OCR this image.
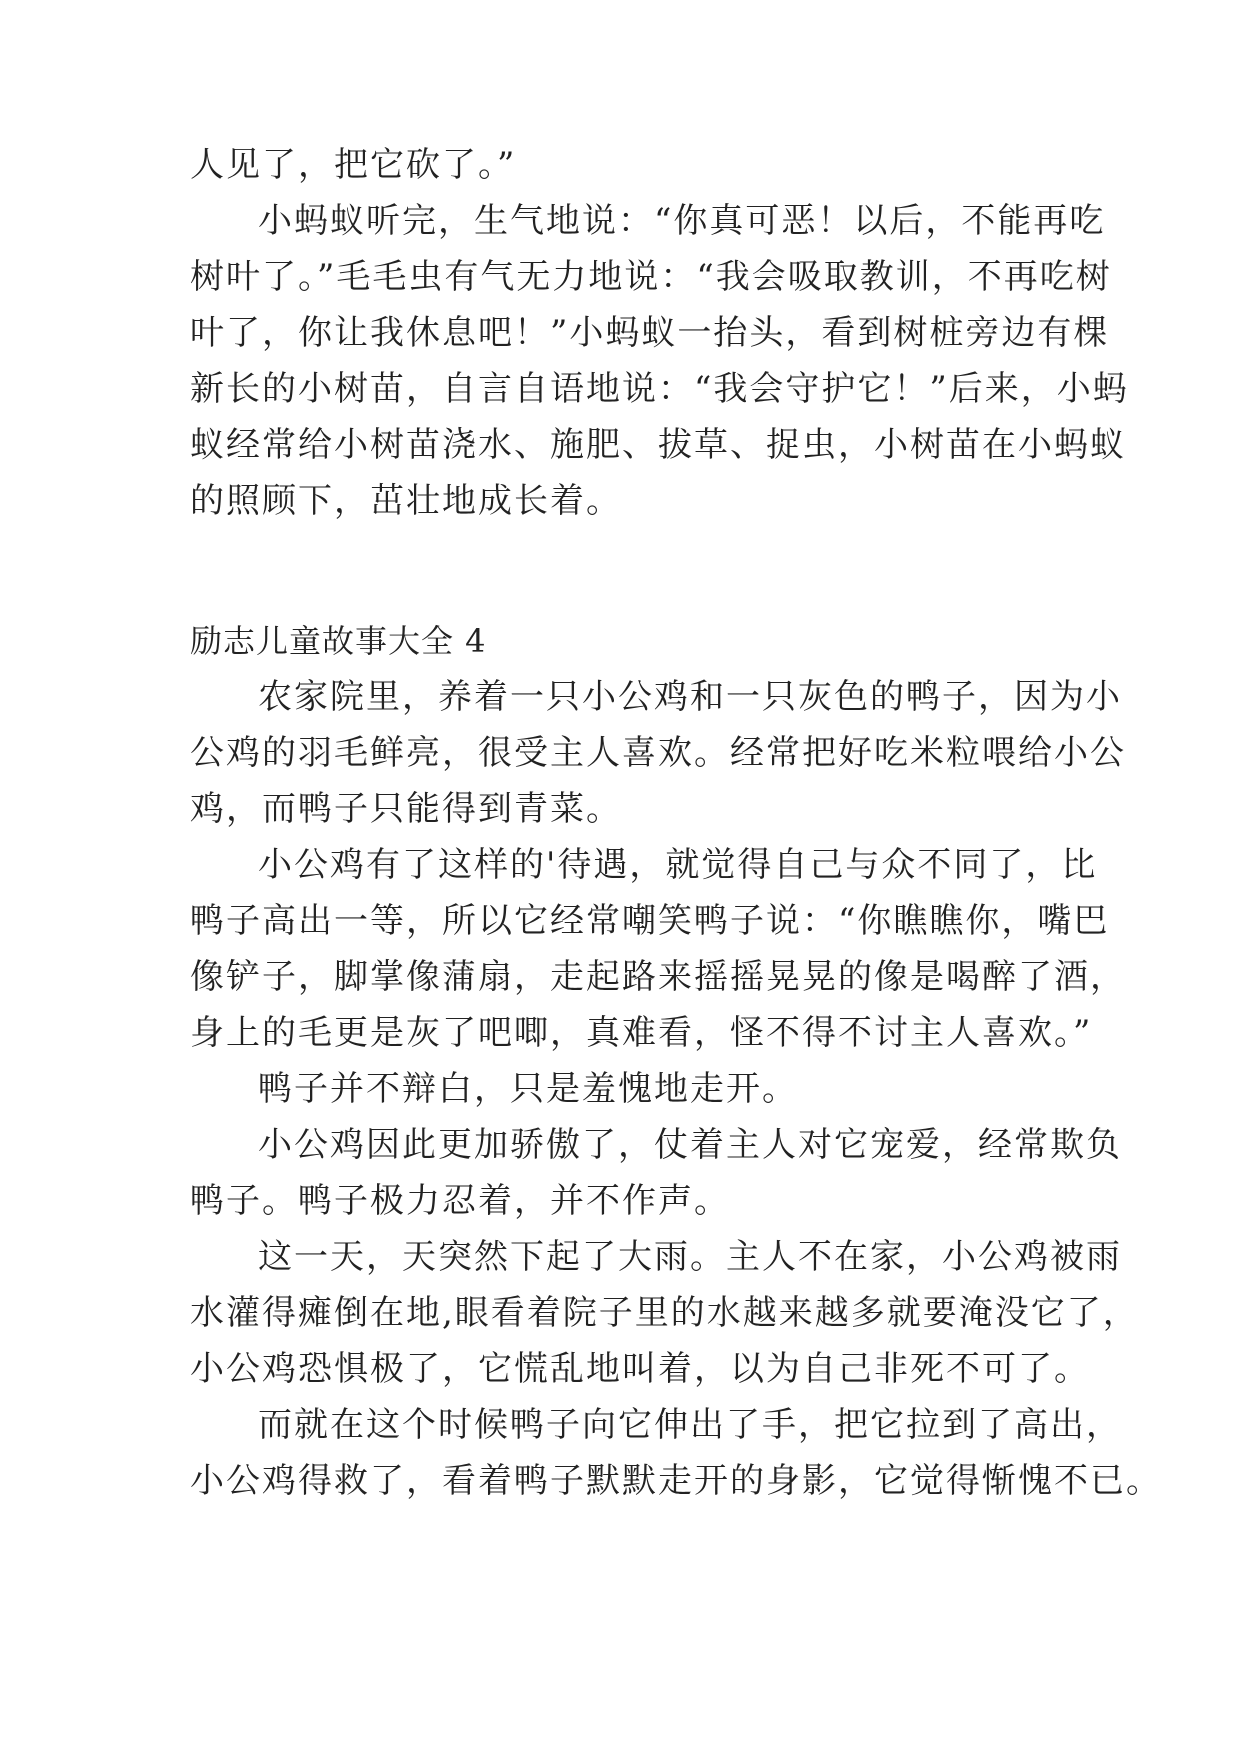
人见了，把它砍了。”
小蚂蚁听完，生气地说：“你真可恶！以后，不能再吃
树叶了。”毛毛虫有气无力地说：“我会吸取教训，不再吃树
叶了，你让我休息吧！”小蚂蚁一抬头，看到树桩旁边有棵
新长的小树苗，自言自语地说：“我会守护它！”后来，小蚂
蚁经常给小树苗浇水、施肥、拔草、捉虫，小树苗在小蚂蚁
的照顾下，茁壮地成长着。
励志儿童故事大全 4
农家院里，养着一只小公鸡和一只灰色的鸭子，因为小
公鸡的羽毛鲜亮，很受主人喜欢。经常把好吃米粒喂给小公
鸡，而鸭子只能得到青菜。
小公鸡有了这样的'待遇，就觉得自己与众不同了，比
鸭子高出一等，所以它经常嘲笑鸭子说：“你瞧瞧你，嘴巴
像铲子，脚掌像蒲扇，走起路来摇摇晃晃的像是喝醉了酒，
身上的毛更是灰了吧唧，真难看，怪不得不讨主人喜欢。”
鸭子并不辩白，只是羞愧地走开。
小公鸡因此更加骄傲了，仗着主人对它宠爱，经常欺负
鸭子。鸭子极力忍着，并不作声。
这一天，天突然下起了大雨。主人不在家，小公鸡被雨
水灌得瘫倒在地,眼看着院子里的水越来越多就要淹没它了，
小公鸡恐惧极了，它慌乱地叫着，以为自己非死不可了。
而就在这个时候鸭子向它伸出了手，把它拉到了高出，
小公鸡得救了，看着鸭子默默走开的身影，它觉得惭愧不已。
